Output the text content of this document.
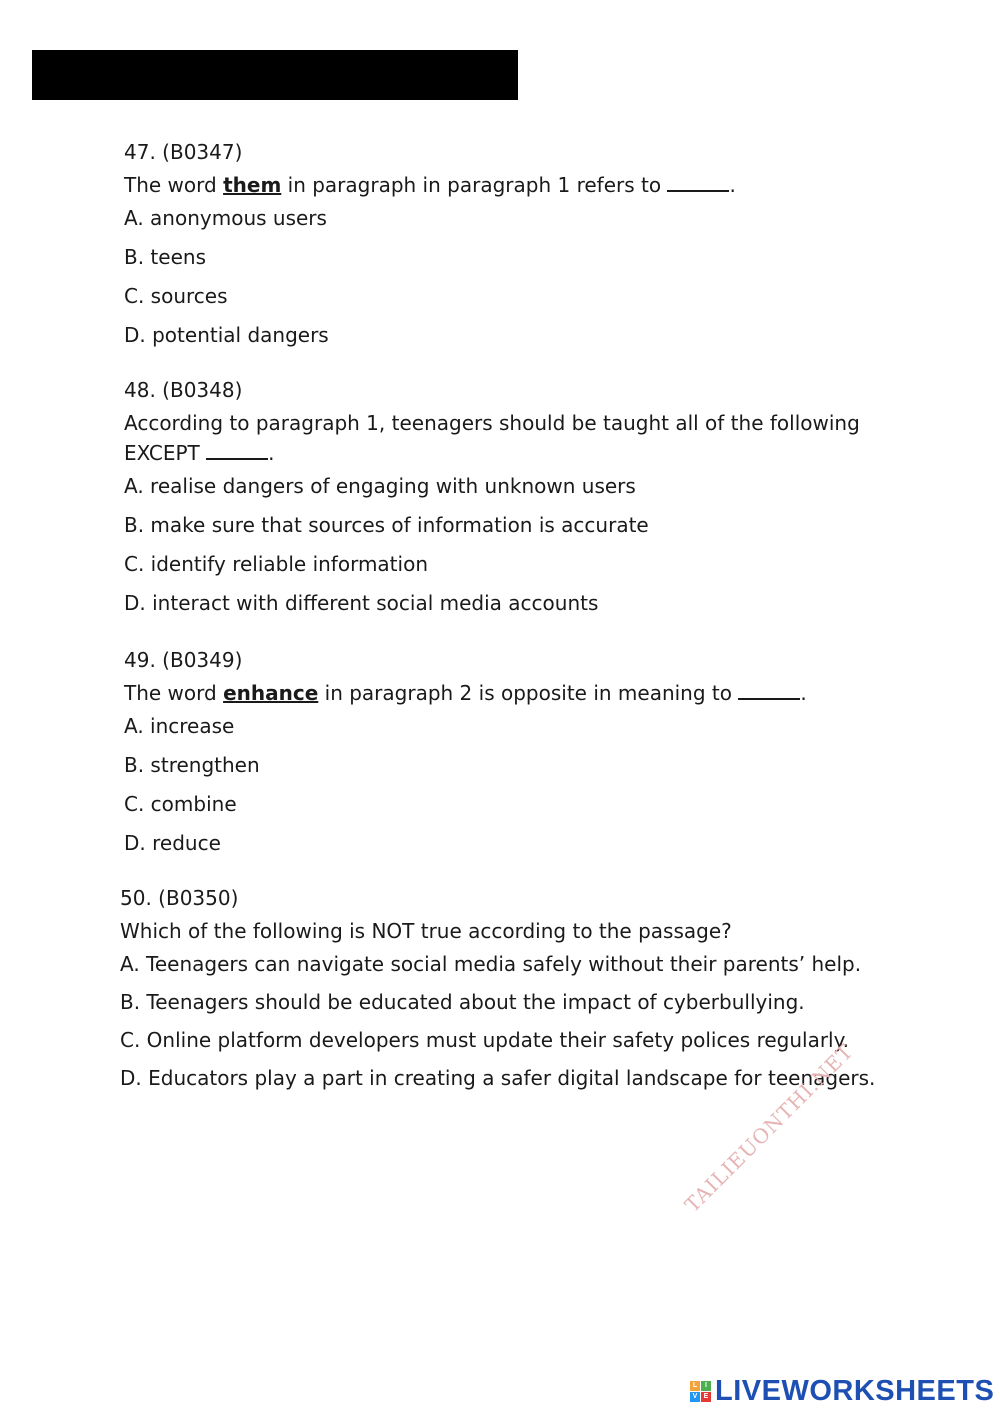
47. (B0347)
The word them in paragraph in paragraph 1 refers to	.
A. anonymous users
B. teens
C. sources
D. potential dangers
48. (B0348)
According to paragraph 1, teenagers should be taught all of the following
EXCEPT	.
A. realise dangers of engaging with unknown users
B. make sure that sources of information is accurate
C. identify reliable information
D. interact with different social media accounts
49. (B0349)
The word enhance in paragraph 2 is opposite in meaning to	.
A. increase
B. strengthen
C. combine
D. reduce
50. (B0350)
Which of the following is NOT true according to the passage?
A. Teenagers can navigate social media safely without their parents’ help.
B. Teenagers should be educated about the impact of cyberbullying.
C. Online platform developers must update their safety polices regularly.
D. Educators play a part in creating a safer digital landscape for teenagers.
TAILIEUONTHI.NET
L	I
V E LIVEWORKSHEETS
